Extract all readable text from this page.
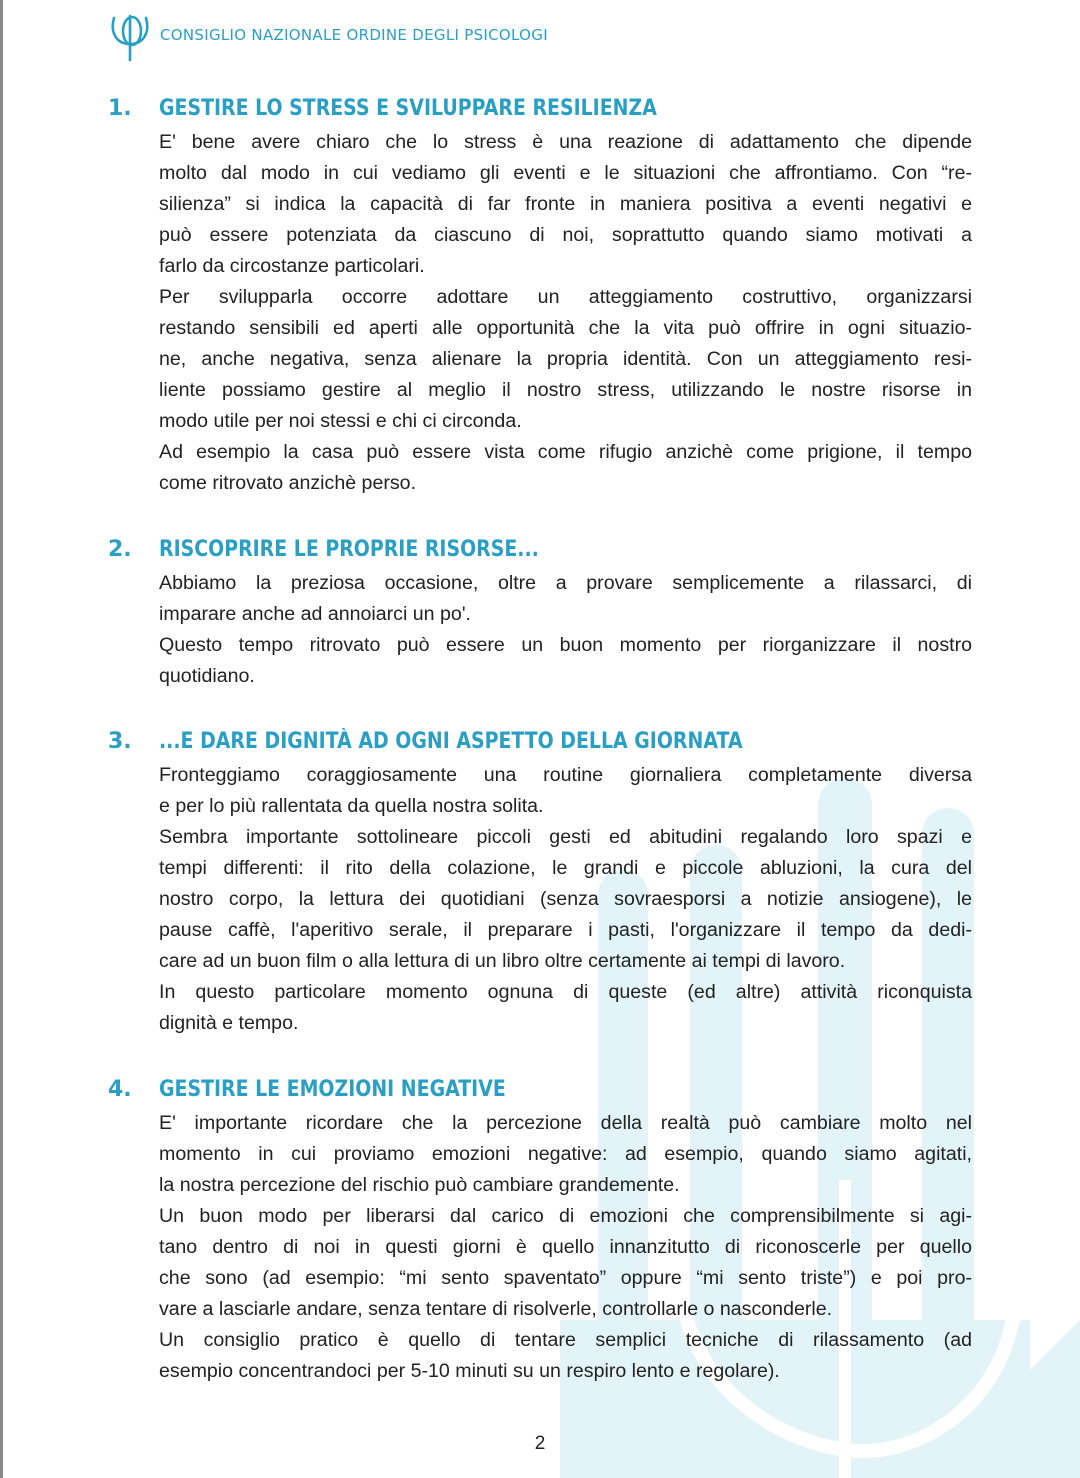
CONSIGLIO NAZIONALE ORDINE DEGLI PSICOLOGI
1. GESTIRE LO STRESS E SVILUPPARE RESILIENZA
E' bene avere chiaro che lo stress è una reazione di adattamento che dipende
molto dal modo in cui vediamo gli eventi e le situazioni che affrontiamo. Con “re-
silienza” si indica la capacità di far fronte in maniera positiva a eventi negativi e
può essere potenziata da ciascuno di noi, soprattutto quando siamo motivati a
farlo da circostanze particolari.
Per svilupparla occorre adottare un atteggiamento costruttivo, organizzarsi
restando sensibili ed aperti alle opportunità che la vita può offrire in ogni situazio-
ne, anche negativa, senza alienare la propria identità. Con un atteggiamento resi-
liente possiamo gestire al meglio il nostro stress, utilizzando le nostre risorse in
modo utile per noi stessi e chi ci circonda.
Ad esempio la casa può essere vista come rifugio anzichè come prigione, il tempo
come ritrovato anzichè perso.
2. RISCOPRIRE LE PROPRIE RISORSE...
Abbiamo la preziosa occasione, oltre a provare semplicemente a rilassarci, di
imparare anche ad annoiarci un po'.
Questo tempo ritrovato può essere un buon momento per riorganizzare il nostro
quotidiano.
3. ...E DARE DIGNITÀ AD OGNI ASPETTO DELLA GIORNATA
Fronteggiamo coraggiosamente una routine giornaliera completamente diversa
e per lo più rallentata da quella nostra solita.
Sembra importante sottolineare piccoli gesti ed abitudini regalando loro spazi e
tempi differenti: il rito della colazione, le grandi e piccole abluzioni, la cura del
nostro corpo, la lettura dei quotidiani (senza sovraesporsi a notizie ansiogene), le
pause caffè, l'aperitivo serale, il preparare i pasti, l'organizzare il tempo da dedi-
care ad un buon film o alla lettura di un libro oltre certamente ai tempi di lavoro.
In questo particolare momento ognuna di queste (ed altre) attività riconquista
dignità e tempo.
4. GESTIRE LE EMOZIONI NEGATIVE
E' importante ricordare che la percezione della realtà può cambiare molto nel
momento in cui proviamo emozioni negative: ad esempio, quando siamo agitati,
la nostra percezione del rischio può cambiare grandemente.
Un buon modo per liberarsi dal carico di emozioni che comprensibilmente si agi-
tano dentro di noi in questi giorni è quello innanzitutto di riconoscerle per quello
che sono (ad esempio: “mi sento spaventato” oppure “mi sento triste”) e poi pro-
vare a lasciarle andare, senza tentare di risolverle, controllarle o nasconderle.
Un consiglio pratico è quello di tentare semplici tecniche di rilassamento (ad
esempio concentrandoci per 5-10 minuti su un respiro lento e regolare).
2
